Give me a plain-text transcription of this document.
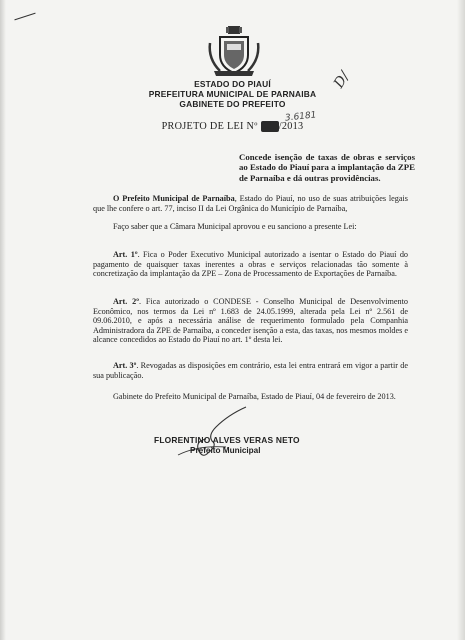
ESTADO DO PIAUÍ
PREFEITURA MUNICIPAL DE PARNAIBA
GABINETE DO PREFEITO
D/
3.6181
PROJETO DE LEI Nº 000/2013
Concede isenção de taxas de obras e serviços ao Estado do Piauí para a implantação da ZPE de Parnaíba e dá outras providências.
O Prefeito Municipal de Parnaíba, Estado do Piauí, no uso de suas atribuições legais que lhe confere o art. 77, inciso II da Lei Orgânica do Município de Parnaíba,
Faço saber que a Câmara Municipal aprovou e eu sanciono a presente Lei:
Art. 1º. Fica o Poder Executivo Municipal autorizado a isentar o Estado do Piauí do pagamento de quaisquer taxas inerentes a obras e serviços relacionadas tão somente à concretização da implantação da ZPE – Zona de Processamento de Exportações de Parnaíba.
Art. 2º. Fica autorizado o CONDESE - Conselho Municipal de Desenvolvimento Econômico, nos termos da Lei nº 1.683 de 24.05.1999, alterada pela Lei nº 2.561 de 09.06.2010, e após a necessária análise de requerimento formulado pela Companhia Administradora da ZPE de Parnaíba, a conceder isenção a esta, das taxas, nos mesmos moldes e alcance concedidos ao Estado do Piauí no art. 1º desta lei.
Art. 3º. Revogadas as disposições em contrário, esta lei entra entrará em vigor a partir de sua publicação.
Gabinete do Prefeito Municipal de Parnaíba, Estado de Piauí, 04 de fevereiro de 2013.
FLORENTINO ALVES VERAS NETO
Prefeito Municipal
